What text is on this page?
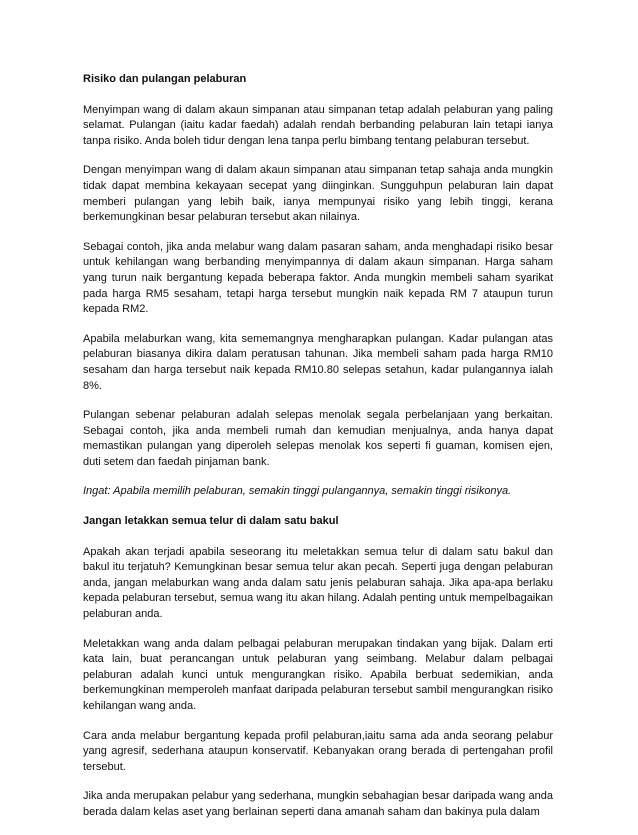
Risiko dan pulangan pelaburan

Menyimpan wang di dalam akaun simpanan atau simpanan tetap adalah pelaburan yang paling selamat. Pulangan (iaitu kadar faedah) adalah rendah berbanding pelaburan lain tetapi ianya tanpa risiko. Anda boleh tidur dengan lena tanpa perlu bimbang tentang pelaburan tersebut.

Dengan menyimpan wang di dalam akaun simpanan atau simpanan tetap sahaja anda mungkin tidak dapat membina kekayaan secepat yang diinginkan. Sungguhpun pelaburan lain dapat memberi pulangan yang lebih baik, ianya mempunyai risiko yang lebih tinggi, kerana berkemungkinan besar pelaburan tersebut akan nilainya.

Sebagai contoh, jika anda melabur wang dalam pasaran saham, anda menghadapi risiko besar untuk kehilangan wang berbanding menyimpannya di dalam akaun simpanan. Harga saham yang turun naik bergantung kepada beberapa faktor. Anda mungkin membeli saham syarikat pada harga RM5 sesaham, tetapi harga tersebut mungkin naik kepada RM 7 ataupun turun kepada RM2.

Apabila melaburkan wang, kita sememangnya mengharapkan pulangan. Kadar pulangan atas pelaburan biasanya dikira dalam peratusan tahunan. Jika membeli saham pada harga RM10 sesaham dan harga tersebut naik kepada RM10.80 selepas setahun, kadar pulangannya ialah 8%.

Pulangan sebenar pelaburan adalah selepas menolak segala perbelanjaan yang berkaitan. Sebagai contoh, jika anda membeli rumah dan kemudian menjualnya, anda hanya dapat memastikan pulangan yang diperoleh selepas menolak kos seperti fi guaman, komisen ejen, duti setem dan faedah pinjaman bank.

Ingat: Apabila memilih pelaburan, semakin tinggi pulangannya, semakin tinggi risikonya.

Jangan letakkan semua telur di dalam satu bakul

Apakah akan terjadi apabila seseorang itu meletakkan semua telur di dalam satu bakul dan bakul itu terjatuh? Kemungkinan besar semua telur akan pecah. Seperti juga dengan pelaburan anda, jangan melaburkan wang anda dalam satu jenis pelaburan sahaja. Jika apa-apa berlaku kepada pelaburan tersebut, semua wang itu akan hilang. Adalah penting untuk mempelbagaikan pelaburan anda.

Meletakkan wang anda dalam pelbagai pelaburan merupakan tindakan yang bijak. Dalam erti kata lain, buat perancangan untuk pelaburan yang seimbang. Melabur dalam pelbagai pelaburan adalah kunci untuk mengurangkan risiko. Apabila berbuat sedemikian, anda berkemungkinan memperoleh manfaat daripada pelaburan tersebut sambil mengurangkan risiko kehilangan wang anda.

Cara anda melabur bergantung kepada profil pelaburan,iaitu sama ada anda seorang pelabur yang agresif, sederhana ataupun konservatif. Kebanyakan orang berada di pertengahan profil tersebut.

Jika anda merupakan pelabur yang sederhana, mungkin sebahagian besar daripada wang anda berada dalam kelas aset yang berlainan seperti dana amanah saham dan bakinya pula dalam
